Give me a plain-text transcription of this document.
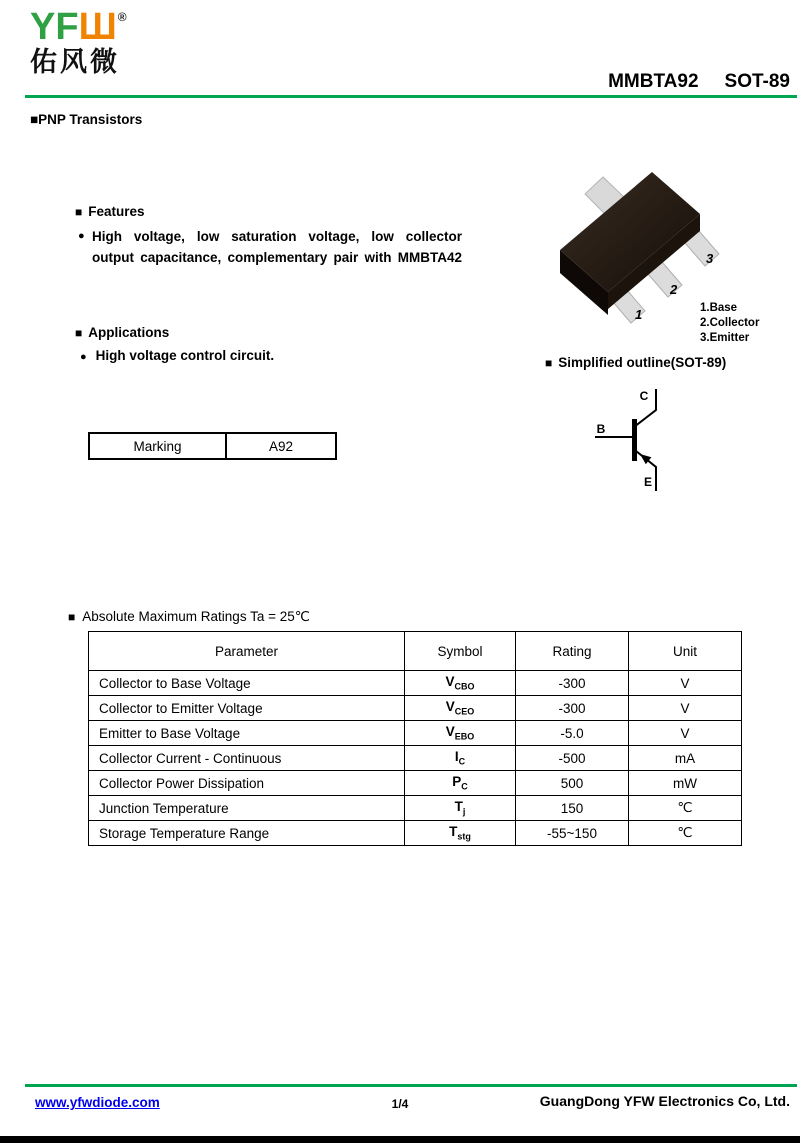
YFШ®
佑风微
MMBTA92 SOT-89
■PNP Transistors
■ Features
● High voltage, low saturation voltage, low collector
output capacitance, complementary pair with MMBTA42
■ Applications
● High voltage control circuit.
Marking	A92
1
2
3
1.Base
2.Collector
3.Emitter
■ Simplified outline(SOT-89)
C
B
E
■ Absolute Maximum Ratings Ta = 25℃
Parameter	Symbol	Rating	Unit
Collector to Base Voltage	$V_{CBO}$	-300	V
Collector to Emitter Voltage	$V_{CEO}$	-300	V
Emitter to Base Voltage	$V_{EBO}$	-5.0	V
Collector Current - Continuous	$I_C$	-500	mA
Collector Power Dissipation	$P_C$	500	mW
Junction Temperature	$T_j$	150	℃
Storage Temperature Range	$T_{stg}$	-55~150	℃
www.yfwdiode.com	1/4	GuangDong YFW Electronics Co, Ltd.
